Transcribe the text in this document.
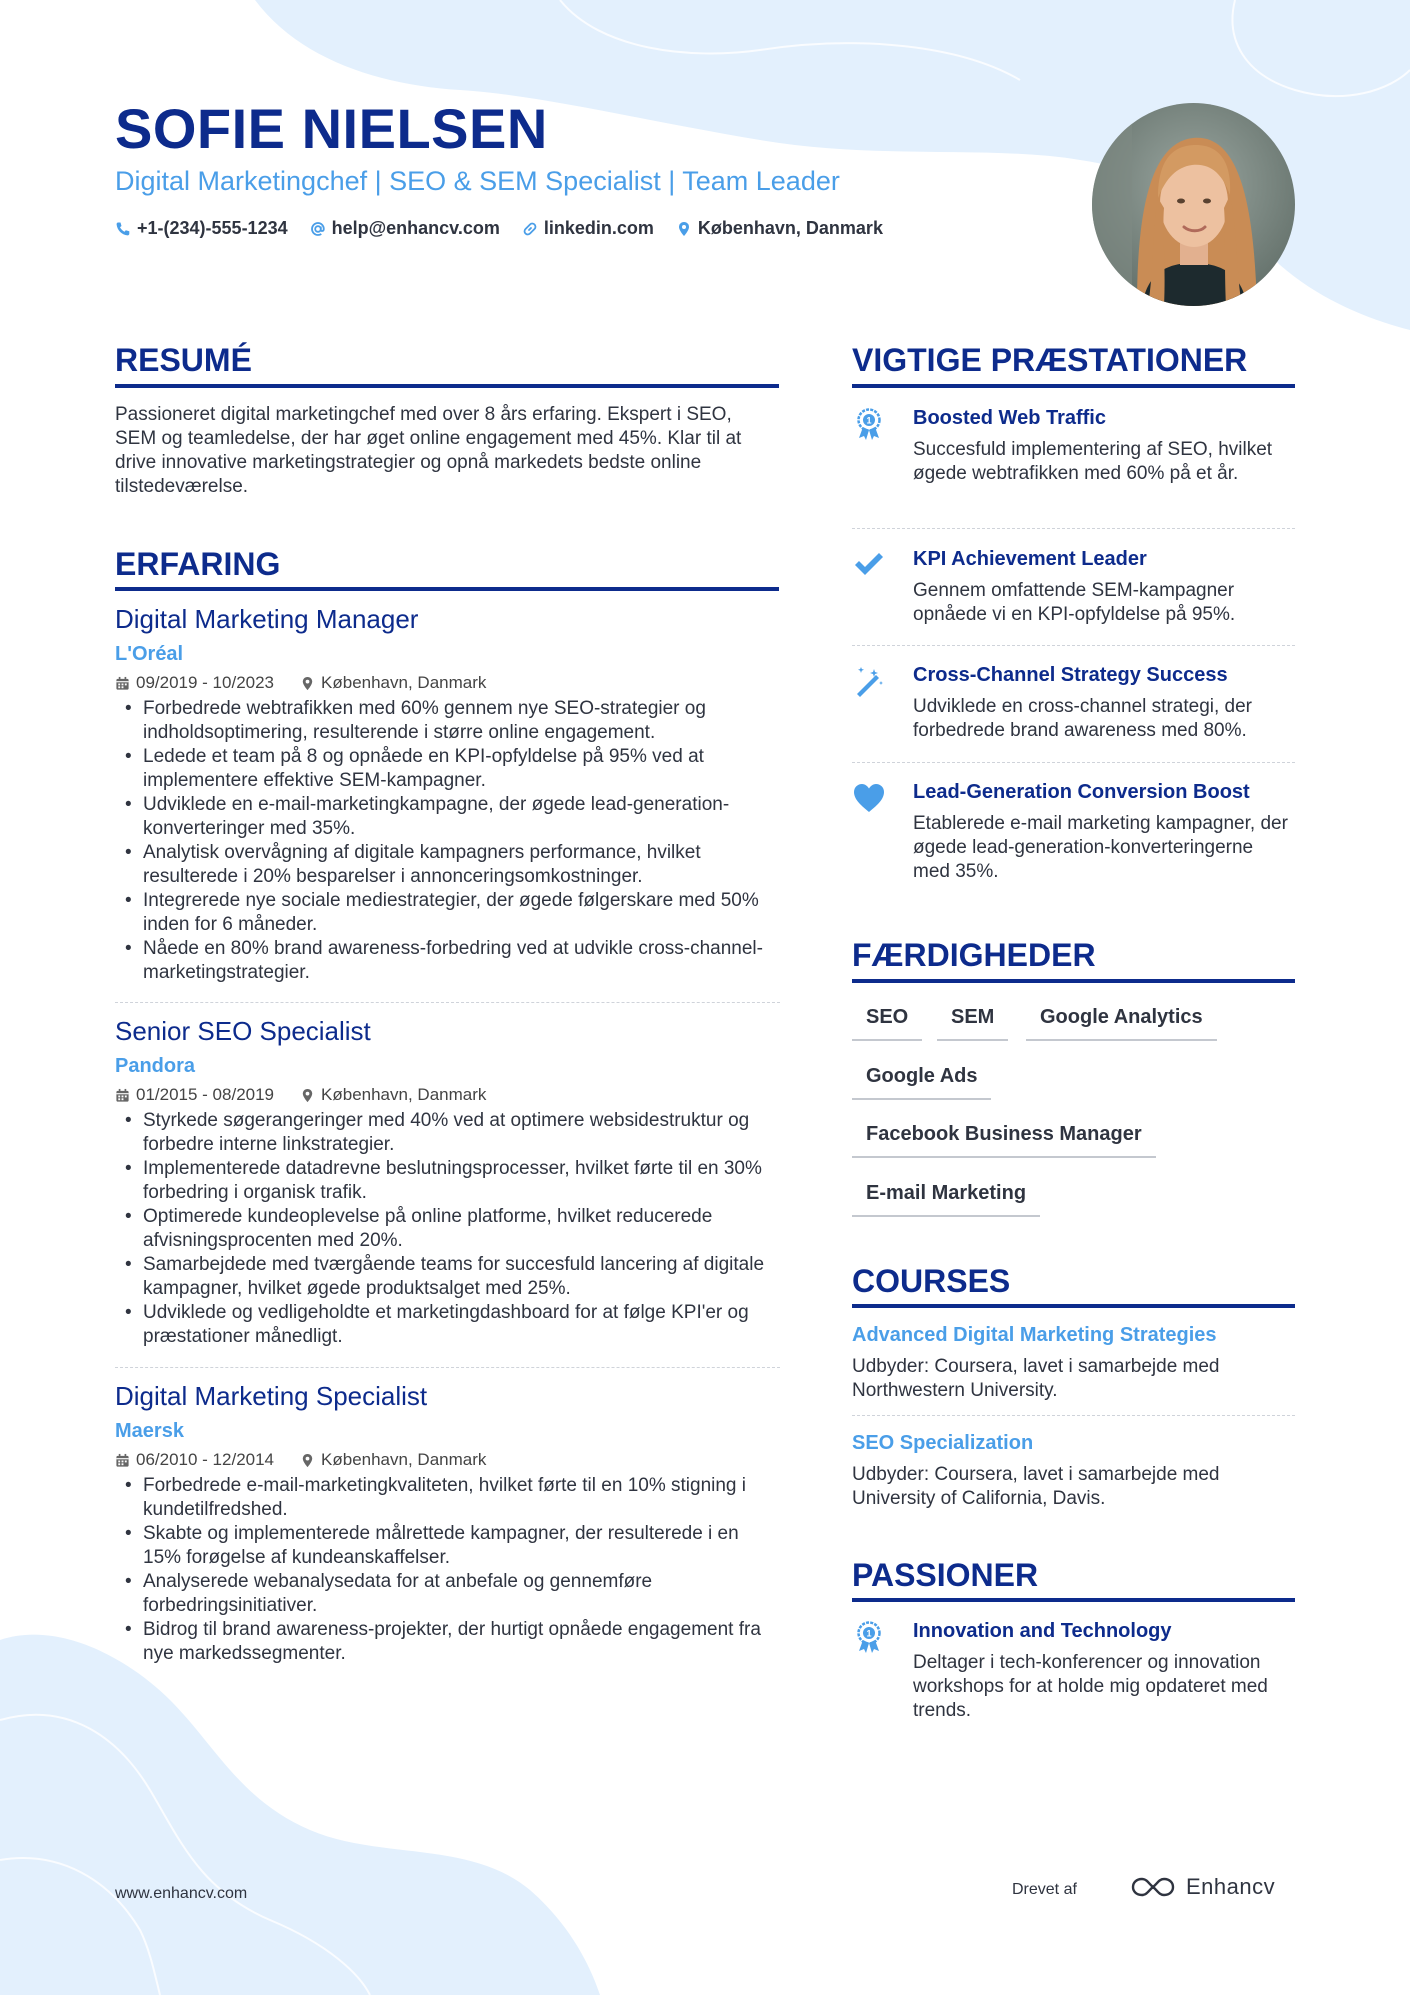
SOFIE NIELSEN
Digital Marketingchef | SEO & SEM Specialist | Team Leader
+1-(234)-555-1234 help@enhancv.com linkedin.com København, Danmark
RESUMÉ
Passioneret digital marketingchef med over 8 års erfaring. Ekspert i SEO, SEM og teamledelse, der har øget online engagement med 45%. Klar til at drive innovative marketingstrategier og opnå markedets bedste online tilstedeværelse.
ERFARING
Digital Marketing Manager
L'Oréal
09/2019 - 10/2023	København, Danmark
• Forbedrede webtrafikken med 60% gennem nye SEO-strategier og indholdsoptimering, resulterende i større online engagement.
• Ledede et team på 8 og opnåede en KPI-opfyldelse på 95% ved at implementere effektive SEM-kampagner.
• Udviklede en e-mail-marketingkampagne, der øgede lead-generation-konverteringer med 35%.
• Analytisk overvågning af digitale kampagners performance, hvilket resulterede i 20% besparelser i annonceringsomkostninger.
• Integrerede nye sociale mediestrategier, der øgede følgerskare med 50% inden for 6 måneder.
• Nåede en 80% brand awareness-forbedring ved at udvikle cross-channel-marketingstrategier.
Senior SEO Specialist
Pandora
01/2015 - 08/2019	København, Danmark
• Styrkede søgerangeringer med 40% ved at optimere websidestruktur og forbedre interne linkstrategier.
• Implementerede datadrevne beslutningsprocesser, hvilket førte til en 30% forbedring i organisk trafik.
• Optimerede kundeoplevelse på online platforme, hvilket reducerede afvisningsprocenten med 20%.
• Samarbejdede med tværgående teams for succesfuld lancering af digitale kampagner, hvilket øgede produktsalget med 25%.
• Udviklede og vedligeholdte et marketingdashboard for at følge KPI'er og præstationer månedligt.
Digital Marketing Specialist
Maersk
06/2010 - 12/2014	København, Danmark
• Forbedrede e-mail-marketingkvaliteten, hvilket førte til en 10% stigning i kundetilfredshed.
• Skabte og implementerede målrettede kampagner, der resulterede i en 15% forøgelse af kundeanskaffelser.
• Analyserede webanalysedata for at anbefale og gennemføre forbedringsinitiativer.
• Bidrog til brand awareness-projekter, der hurtigt opnåede engagement fra nye markedssegmenter.
VIGTIGE PRÆSTATIONER
1 Boosted Web Traffic
Succesfuld implementering af SEO, hvilket øgede webtrafikken med 60% på et år.
KPI Achievement Leader
Gennem omfattende SEM-kampagner opnåede vi en KPI-opfyldelse på 95%.
Cross-Channel Strategy Success
Udviklede en cross-channel strategi, der forbedrede brand awareness med 80%.
Lead-Generation Conversion Boost
Etablerede e-mail marketing kampagner, der øgede lead-generation-konverteringerne med 35%.
FÆRDIGHEDER
SEO	SEM	Google Analytics
Google Ads
Facebook Business Manager
E-mail Marketing
COURSES
Advanced Digital Marketing Strategies
Udbyder: Coursera, lavet i samarbejde med Northwestern University.
SEO Specialization
Udbyder: Coursera, lavet i samarbejde med University of California, Davis.
PASSIONER
1 Innovation and Technology
Deltager i tech-konferencer og innovation workshops for at holde mig opdateret med trends.
www.enhancv.com	Drevet af	Enhancv
